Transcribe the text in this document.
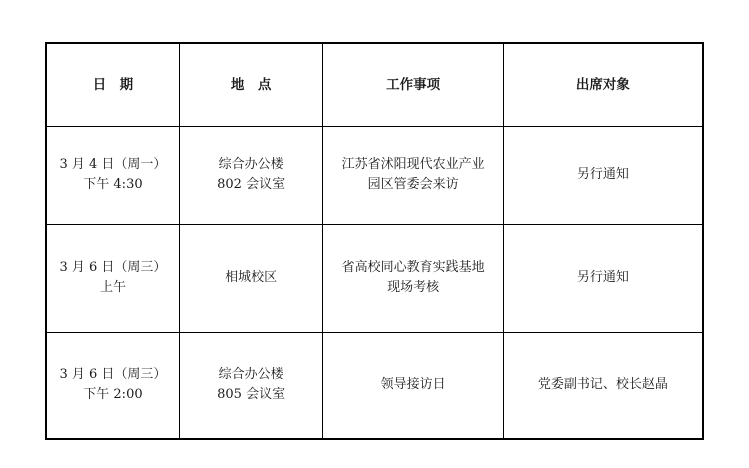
日　期	地　点	工作事项	出席对象

3 月 4 日（周一）
下午 4:30	综合办公楼
802 会议室	江苏省沭阳现代农业产业
园区管委会来访	另行通知

3 月 6 日（周三）
上午	相城校区	省高校同心教育实践基地
现场考核	另行通知

3 月 6 日（周三）
下午 2:00	综合办公楼
805 会议室	领导接访日	党委副书记、校长赵晶
